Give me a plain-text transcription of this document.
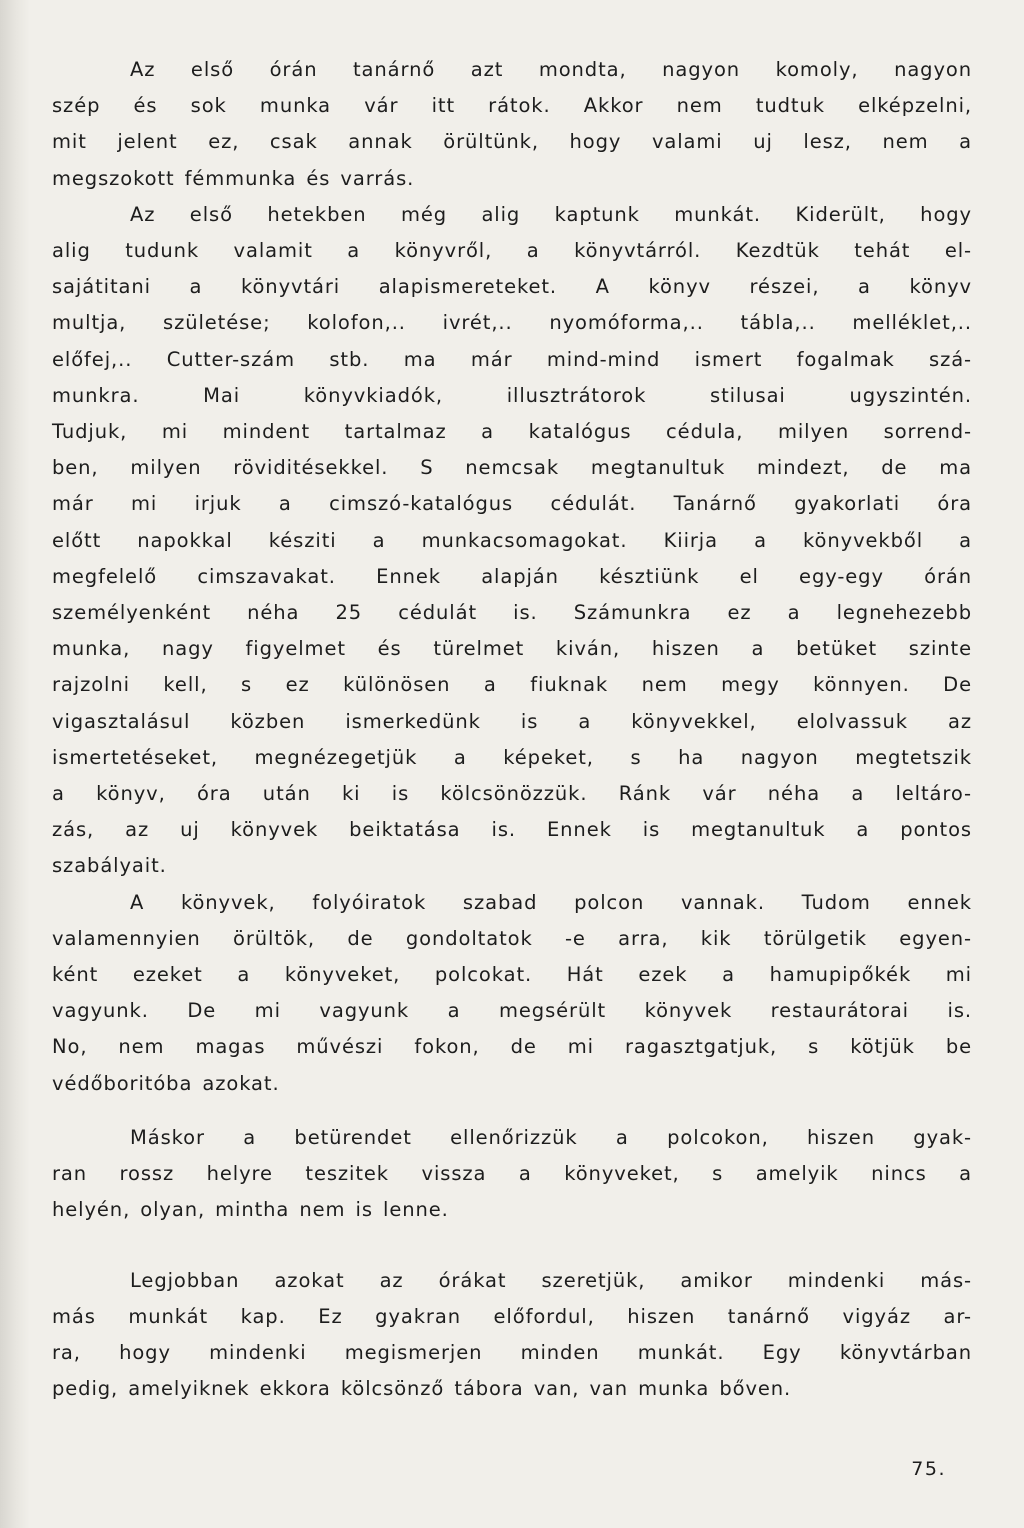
Az első órán tanárnő azt mondta, nagyon komoly, nagyon
szép és sok munka vár itt rátok. Akkor nem tudtuk elképzelni,
mit jelent ez, csak annak örültünk, hogy valami uj lesz, nem a
megszokott fémmunka és varrás.
Az első hetekben még alig kaptunk munkát. Kiderült, hogy
alig tudunk valamit a könyvről, a könyvtárról. Kezdtük tehát el-
sajátitani a könyvtári alapismereteket. A könyv részei, a könyv
multja, születése; kolofon,.. ivrét,.. nyomóforma,.. tábla,.. melléklet,..
előfej,.. Cutter-szám stb. ma már mind-mind ismert fogalmak szá-
munkra. Mai könyvkiadók, illusztrátorok stilusai ugyszintén.
Tudjuk, mi mindent tartalmaz a katalógus cédula, milyen sorrend-
ben, milyen röviditésekkel. S nemcsak megtanultuk mindezt, de ma
már mi irjuk a cimszó-katalógus cédulát. Tanárnő gyakorlati óra
előtt napokkal késziti a munkacsomagokat. Kiirja a könyvekből a
megfelelő cimszavakat. Ennek alapján késztiünk el egy-egy órán
személyenként néha 25 cédulát is. Számunkra ez a legnehezebb
munka, nagy figyelmet és türelmet kiván, hiszen a betüket szinte
rajzolni kell, s ez különösen a fiuknak nem megy könnyen. De
vigasztalásul közben ismerkedünk is a könyvekkel, elolvassuk az
ismertetéseket, megnézegetjük a képeket, s ha nagyon megtetszik
a könyv, óra után ki is kölcsönözzük. Ránk vár néha a leltáro-
zás, az uj könyvek beiktatása is. Ennek is megtanultuk a pontos
szabályait.
A könyvek, folyóiratok szabad polcon vannak. Tudom ennek
valamennyien örültök, de gondoltatok -e arra, kik törülgetik egyen-
ként ezeket a könyveket, polcokat. Hát ezek a hamupipőkék mi
vagyunk. De mi vagyunk a megsérült könyvek restaurátorai is.
No, nem magas művészi fokon, de mi ragasztgatjuk, s kötjük be
védőboritóba azokat.
Máskor a betürendet ellenőrizzük a polcokon, hiszen gyak-
ran rossz helyre teszitek vissza a könyveket, s amelyik nincs a
helyén, olyan, mintha nem is lenne.
Legjobban azokat az órákat szeretjük, amikor mindenki más-
más munkát kap. Ez gyakran előfordul, hiszen tanárnő vigyáz ar-
ra, hogy mindenki megismerjen minden munkát. Egy könyvtárban
pedig, amelyiknek ekkora kölcsönző tábora van, van munka bőven.
75.
